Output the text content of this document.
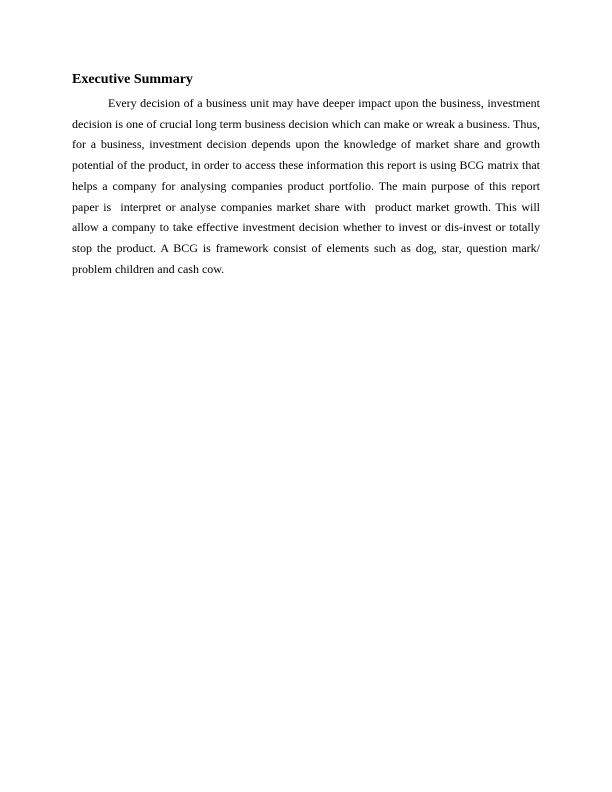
Executive Summary

Every decision of a business unit may have deeper impact upon the business, investment decision is one of crucial long term business decision which can make or wreak a business. Thus, for a business, investment decision depends upon the knowledge of market share and growth potential of the product, in order to access these information this report is using BCG matrix that helps a company for analysing companies product portfolio. The main purpose of this report paper is  interpret or analyse companies market share with  product market growth. This will allow a company to take effective investment decision whether to invest or dis-invest or totally stop the product. A BCG is framework consist of elements such as dog, star, question mark/ problem children and cash cow.
